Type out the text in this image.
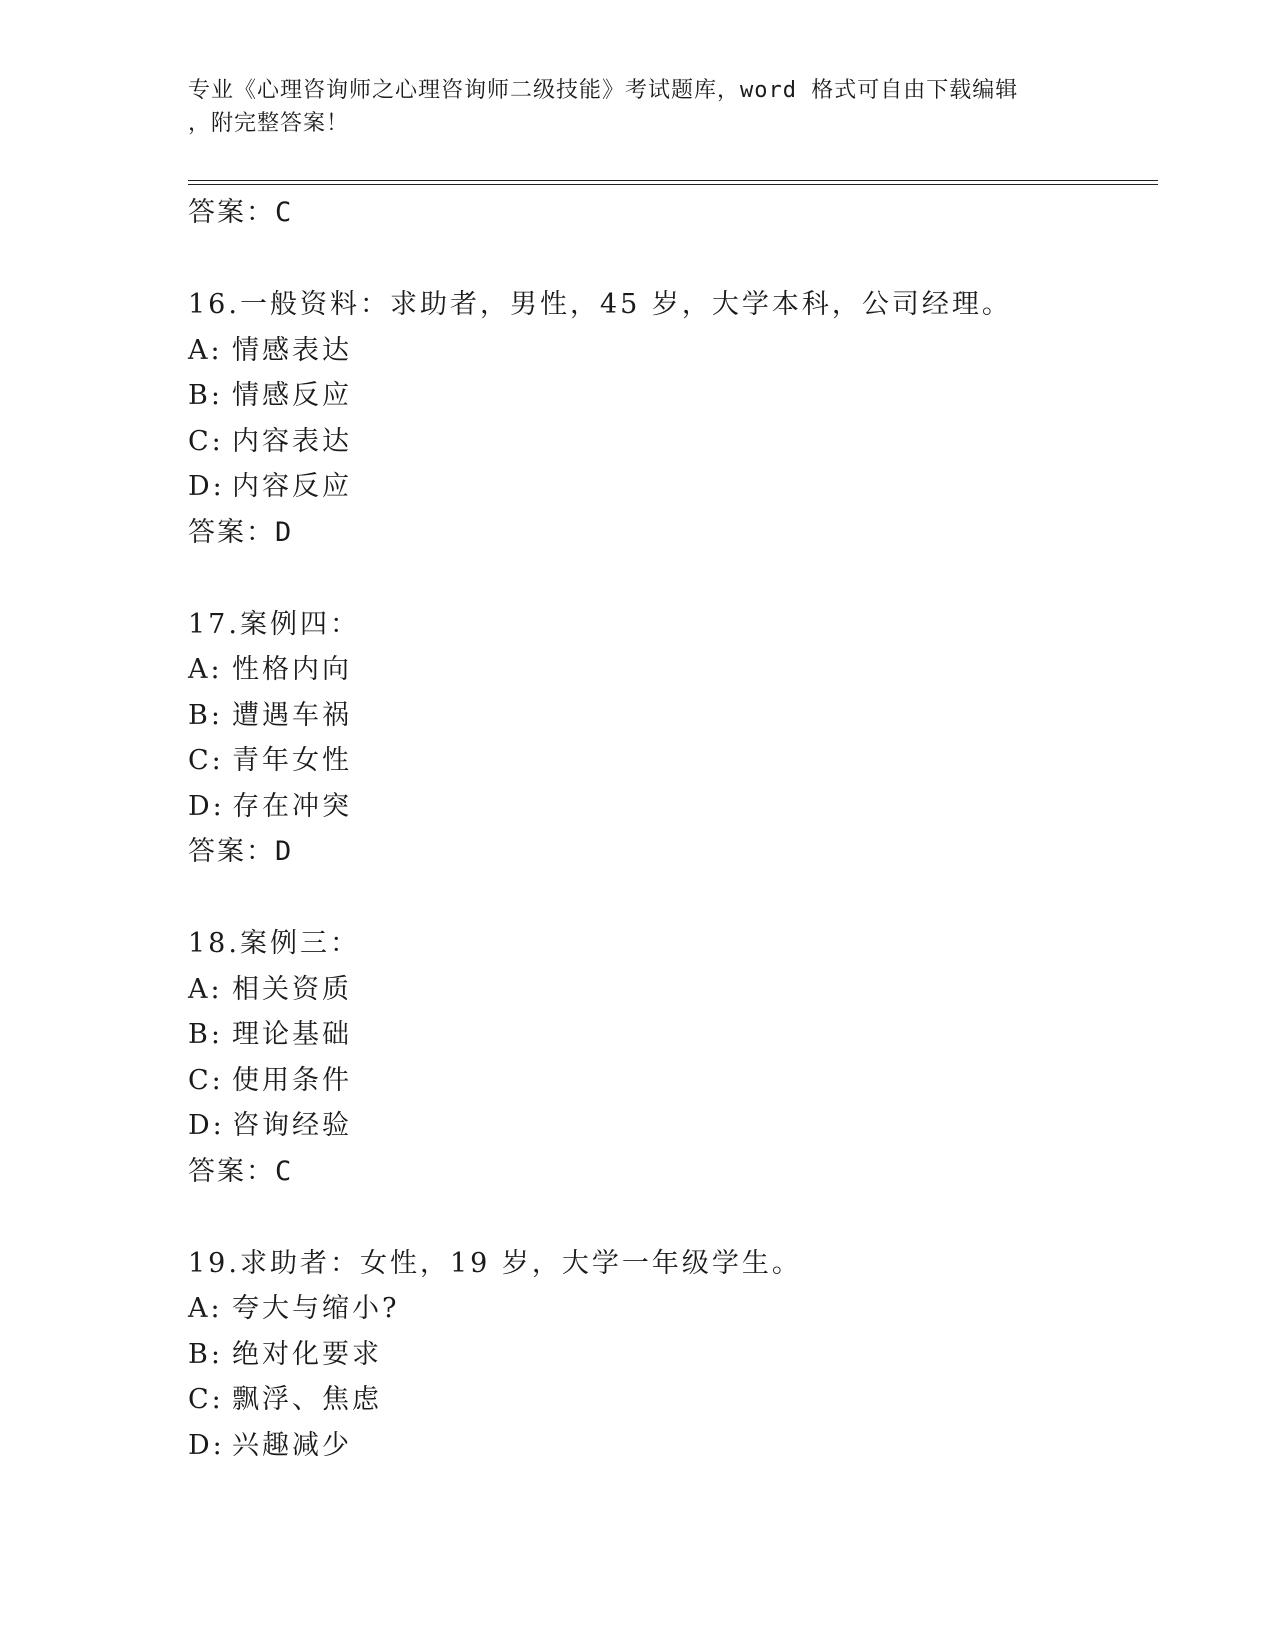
专业《心理咨询师之心理咨询师二级技能》考试题库，word 格式可自由下载编辑
，附完整答案！
答案：C
16.一般资料：求助者，男性，45 岁，大学本科，公司经理。
A: 情感表达
B: 情感反应
C: 内容表达
D: 内容反应
答案：D
17.案例四：
A: 性格内向
B: 遭遇车祸
C: 青年女性
D: 存在冲突
答案：D
18.案例三：
A: 相关资质
B: 理论基础
C: 使用条件
D: 咨询经验
答案：C
19.求助者：女性，19 岁，大学一年级学生。
A: 夸大与缩小?
B: 绝对化要求
C: 飘浮、焦虑
D: 兴趣减少
